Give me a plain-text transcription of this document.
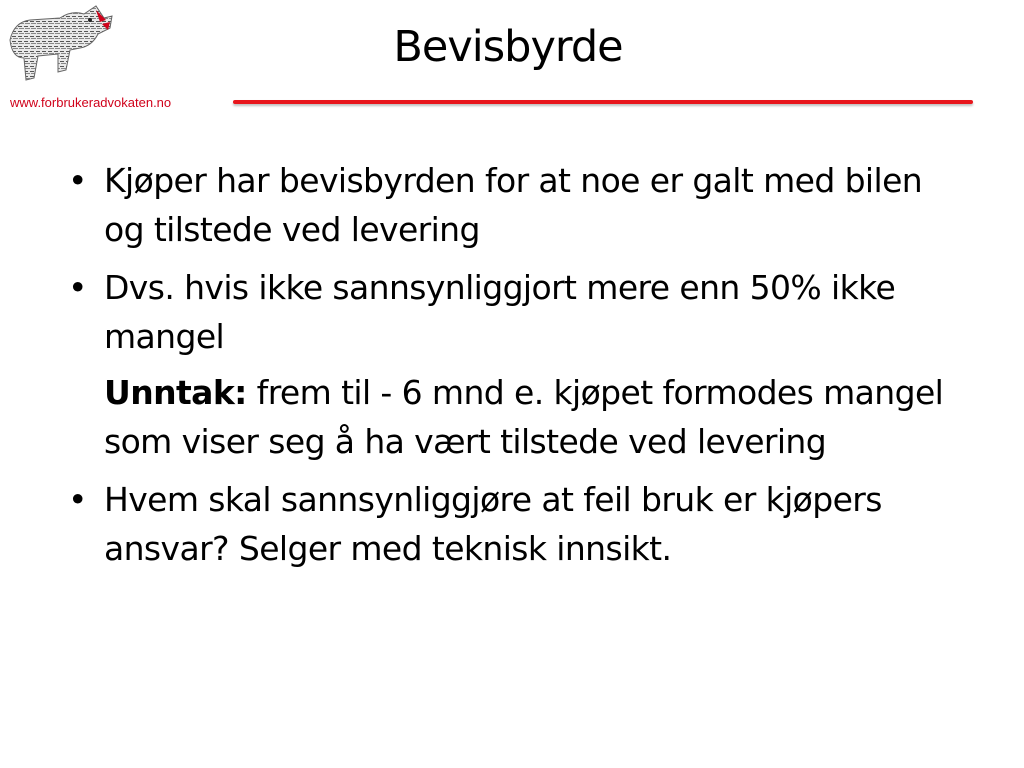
www.forbrukeradvokaten.no
Bevisbyrde
• Kjøper har bevisbyrden for at noe er galt med bilen og tilstede ved levering
• Dvs. hvis ikke sannsynliggjort mere enn 50% ikke mangel
Unntak: frem til - 6 mnd e. kjøpet formodes mangel som viser seg å ha vært tilstede ved levering
• Hvem skal sannsynliggjøre at feil bruk er kjøpers ansvar? Selger med teknisk innsikt.
